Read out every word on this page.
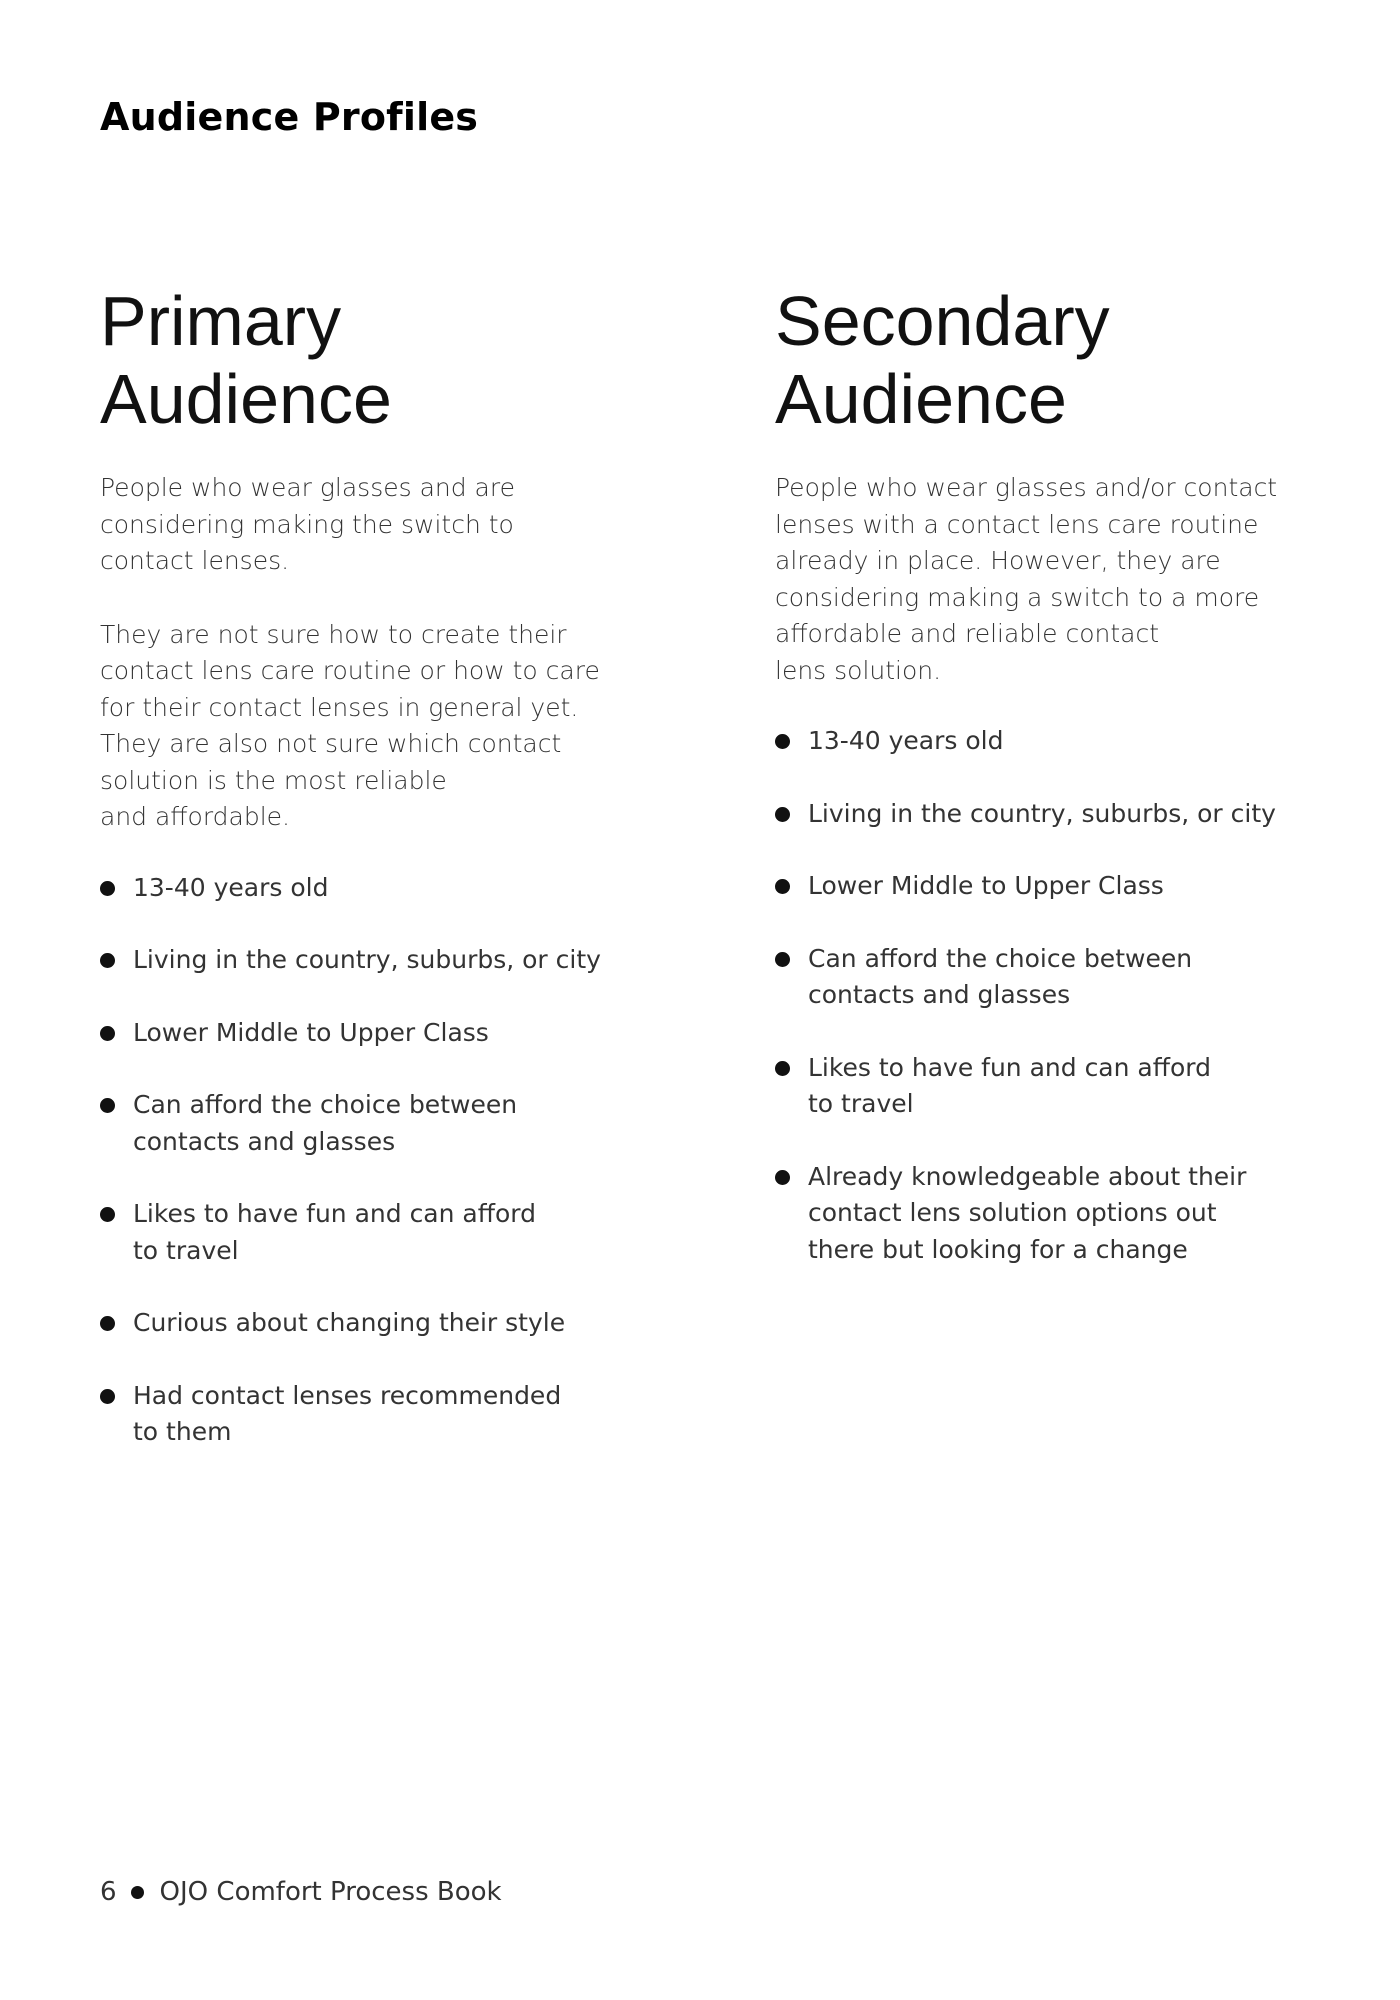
Audience Profiles
Primary
Audience

People who wear glasses and are
considering making the switch to
contact lenses.

They are not sure how to create their
contact lens care routine or how to care
for their contact lenses in general yet.
They are also not sure which contact
solution is the most reliable
and affordable.

13-40 years old
Living in the country, suburbs, or city
Lower Middle to Upper Class
Can afford the choice between
contacts and glasses
Likes to have fun and can afford
to travel
Curious about changing their style
Had contact lenses recommended
to them
Secondary
Audience

People who wear glasses and/or contact
lenses with a contact lens care routine
already in place. However, they are
considering making a switch to a more
affordable and reliable contact
lens solution.

13-40 years old
Living in the country, suburbs, or city
Lower Middle to Upper Class
Can afford the choice between
contacts and glasses
Likes to have fun and can afford
to travel
Already knowledgeable about their
contact lens solution options out
there but looking for a change
6 OJO Comfort Process Book
